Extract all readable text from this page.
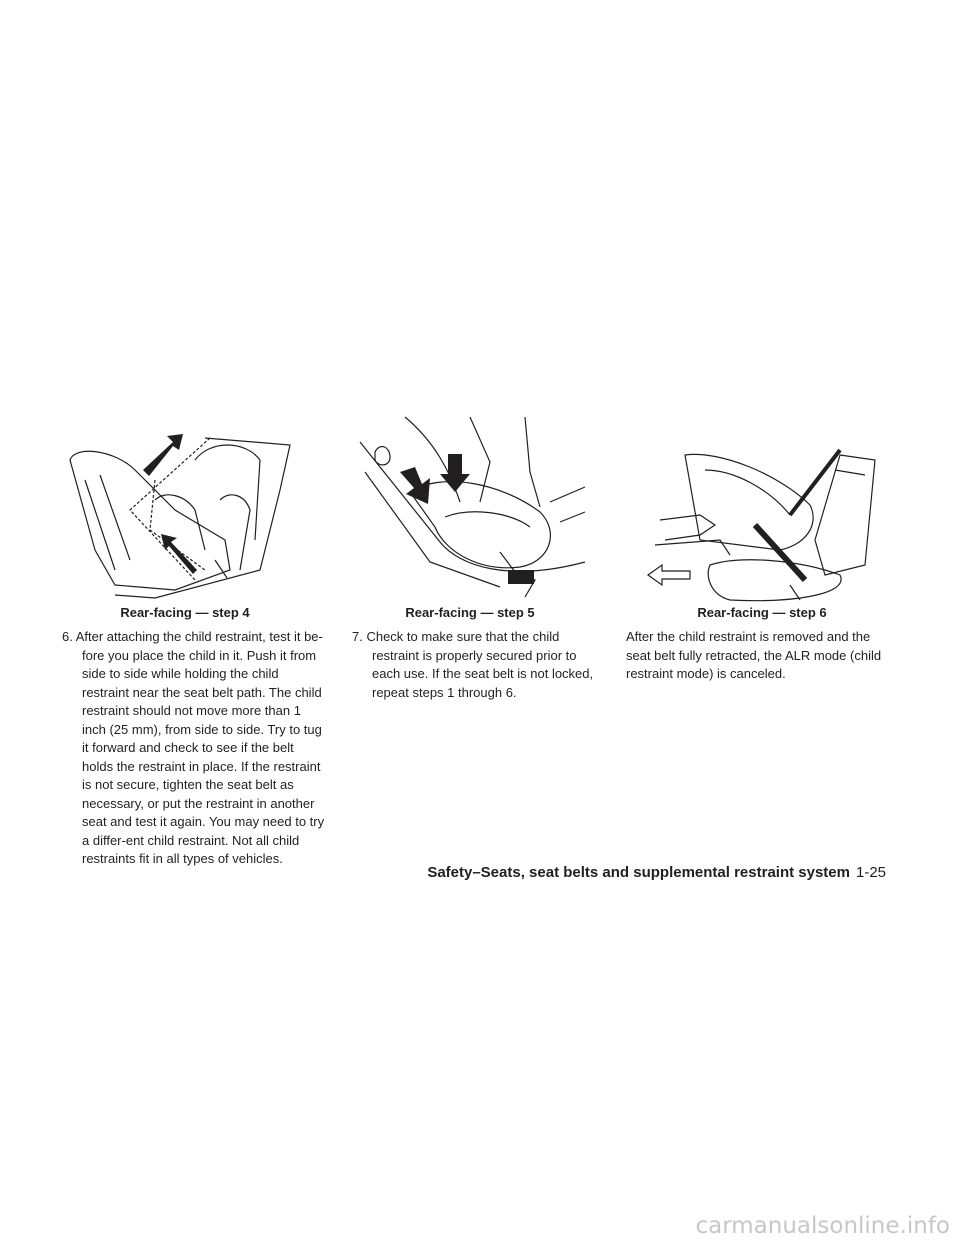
Rear-facing — step 4	Rear-facing — step 5	Rear-facing — step 6

6. After attaching the child restraint, test it be-fore you place the child in it. Push it from side to side while holding the child restraint near the seat belt path. The child restraint should not move more than 1 inch (25 mm), from side to side. Try to tug it forward and check to see if the belt holds the restraint in place. If the restraint is not secure, tighten the seat belt as necessary, or put the restraint in another seat and test it again. You may need to try a differ-ent child restraint. Not all child restraints fit in all types of vehicles.

7. Check to make sure that the child restraint is properly secured prior to each use. If the seat belt is not locked, repeat steps 1 through 6.

After the child restraint is removed and the seat belt fully retracted, the ALR mode (child restraint mode) is canceled.

Safety–Seats, seat belts and supplemental restraint system 1-25
carmanualsonline.info
